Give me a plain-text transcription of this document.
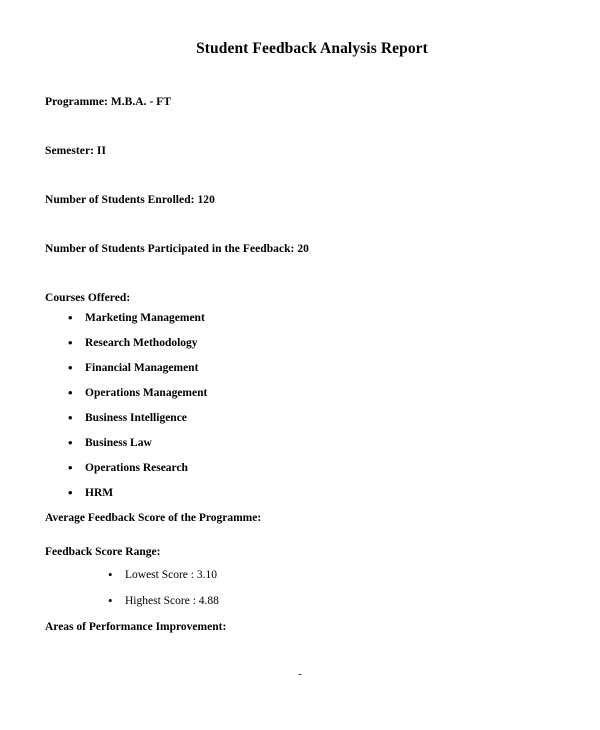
Student Feedback Analysis Report
Programme: M.B.A. - FT
Semester: II
Number of Students Enrolled: 120
Number of Students Participated in the Feedback: 20
Courses Offered:
• Marketing Management
• Research Methodology
• Financial Management
• Operations Management
• Business Intelligence
• Business Law
• Operations Research
• HRM
Average Feedback Score of the Programme:
Feedback Score Range:
• Lowest Score : 3.10
• Highest Score : 4.88
Areas of Performance Improvement:
-
